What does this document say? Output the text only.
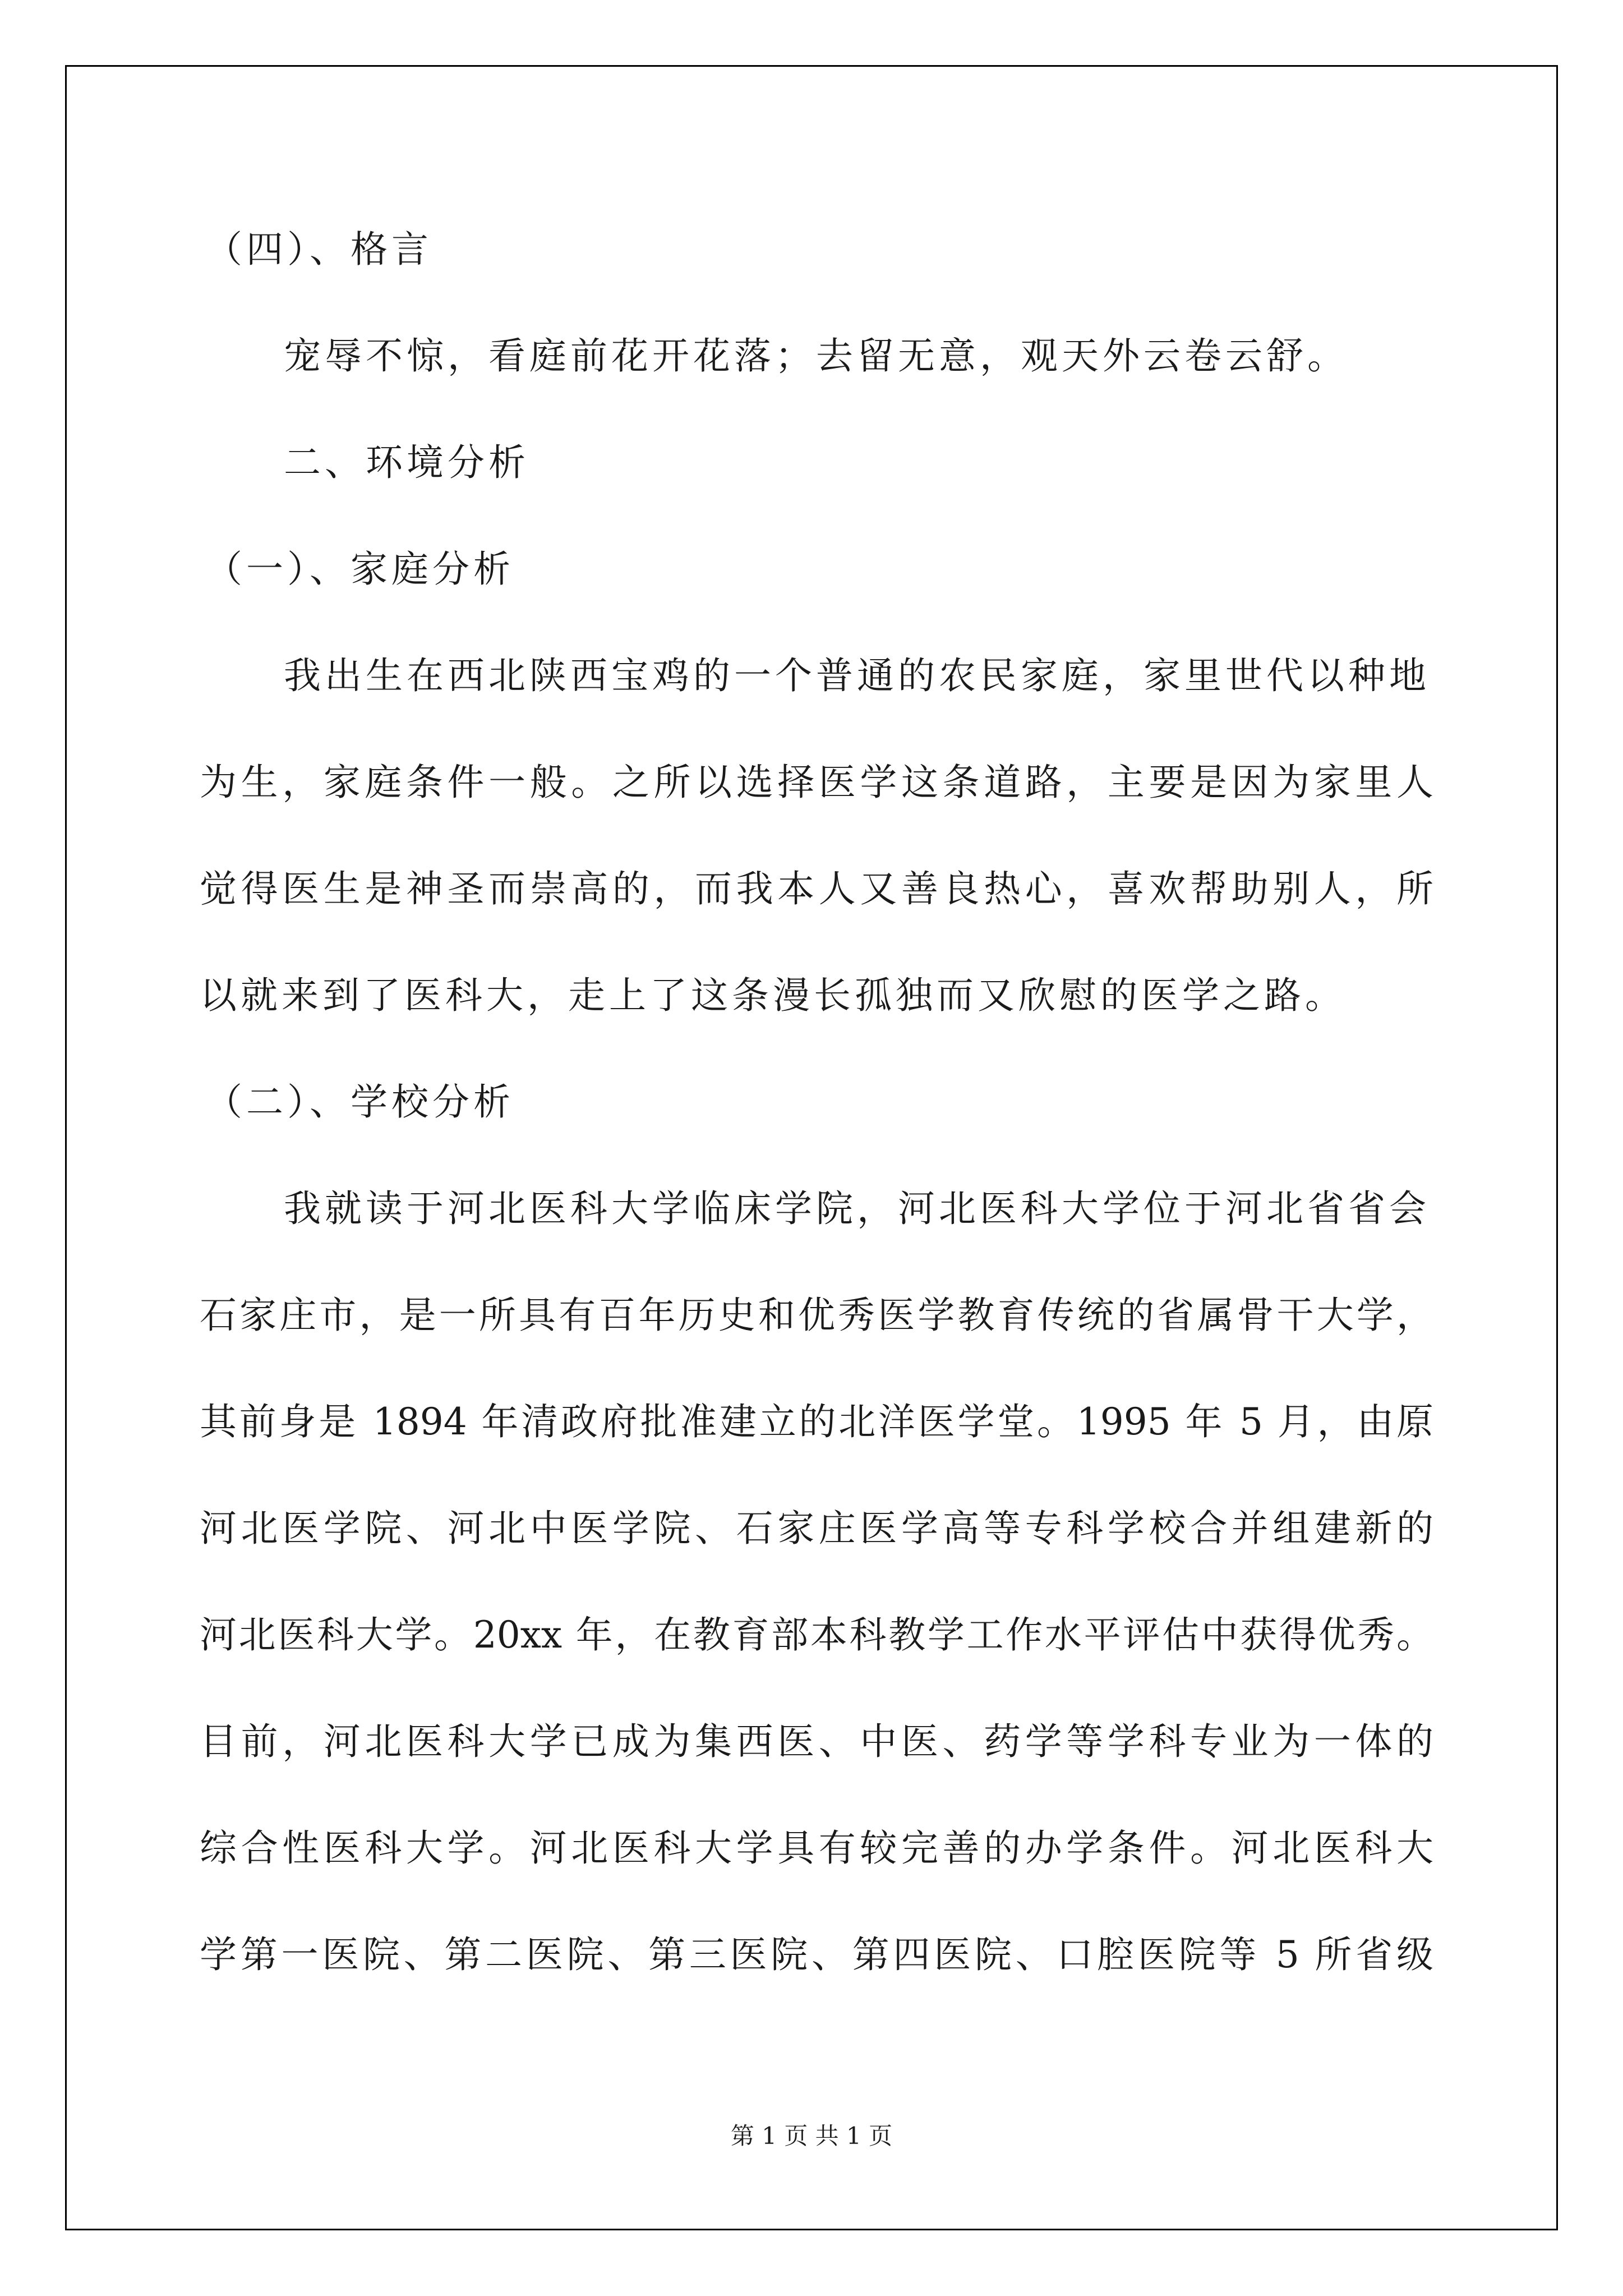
（四）、格言
宠辱不惊，看庭前花开花落；去留无意，观天外云卷云舒。
二、环境分析
（一）、家庭分析
我出生在西北陕西宝鸡的一个普通的农民家庭，家里世代以种地
为生，家庭条件一般。之所以选择医学这条道路，主要是因为家里人
觉得医生是神圣而崇高的，而我本人又善良热心，喜欢帮助别人，所
以就来到了医科大，走上了这条漫长孤独而又欣慰的医学之路。
（二）、学校分析
我就读于河北医科大学临床学院，河北医科大学位于河北省省会
石家庄市，是一所具有百年历史和优秀医学教育传统的省属骨干大学，
其前身是 1894 年清政府批准建立的北洋医学堂。1995 年 5 月，由原
河北医学院、河北中医学院、石家庄医学高等专科学校合并组建新的
河北医科大学。20xx 年，在教育部本科教学工作水平评估中获得优秀。
目前，河北医科大学已成为集西医、中医、药学等学科专业为一体的
综合性医科大学。河北医科大学具有较完善的办学条件。河北医科大
学第一医院、第二医院、第三医院、第四医院、口腔医院等 5 所省级
第 1 页 共 1 页
